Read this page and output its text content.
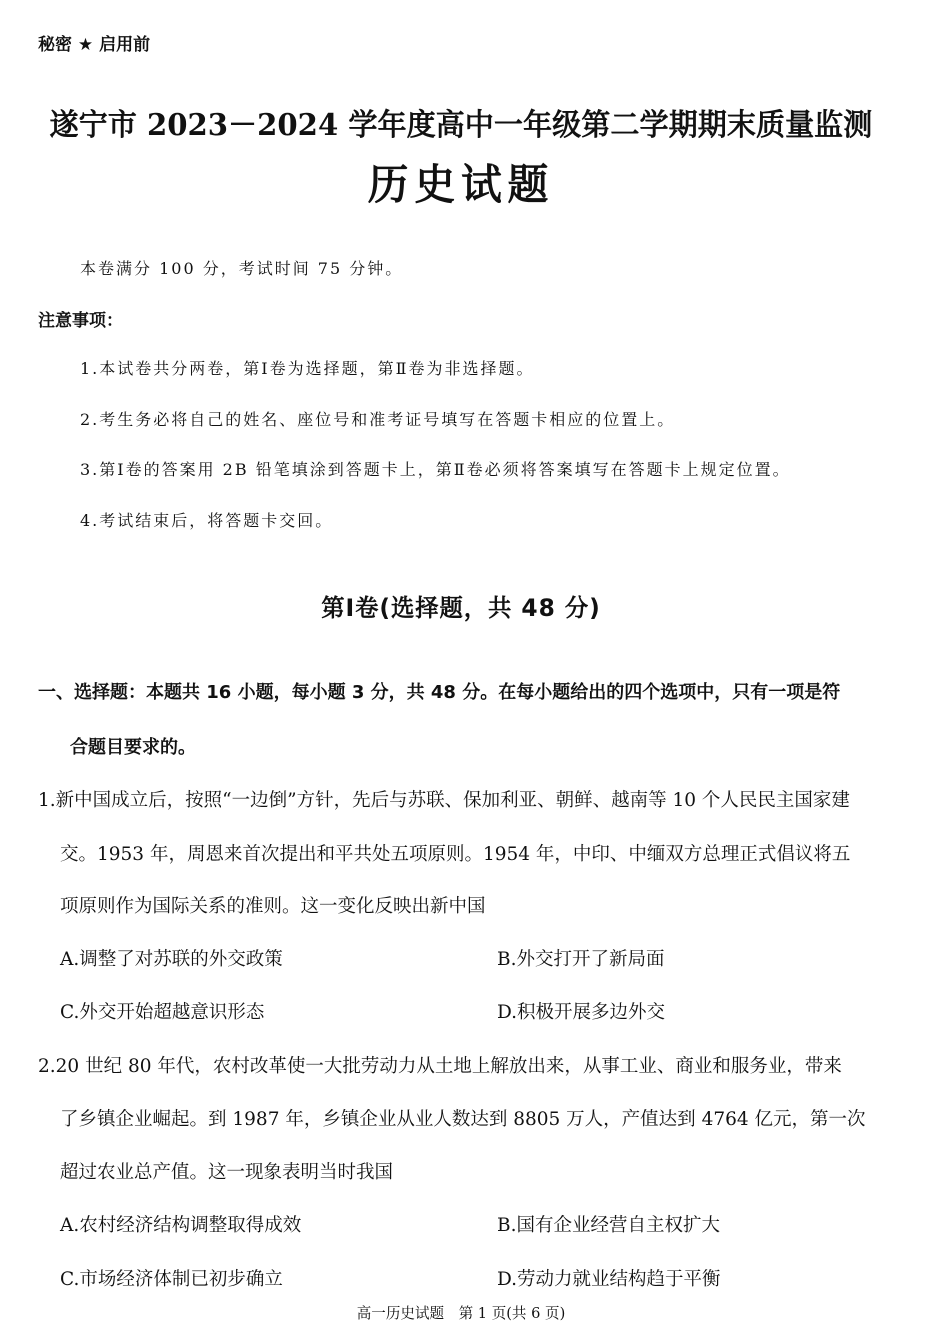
秘密 ★ 启用前
遂宁市 2023－2024 学年度高中一年级第二学期期末质量监测
历史试题
本卷满分 100 分，考试时间 75 分钟。
注意事项：
1.本试卷共分两卷，第Ⅰ卷为选择题，第Ⅱ卷为非选择题。
2.考生务必将自己的姓名、座位号和准考证号填写在答题卡相应的位置上。
3.第Ⅰ卷的答案用 2B 铅笔填涂到答题卡上，第Ⅱ卷必须将答案填写在答题卡上规定位置。
4.考试结束后，将答题卡交回。
第Ⅰ卷(选择题，共 48 分)
一、选择题：本题共 16 小题，每小题 3 分，共 48 分。在每小题给出的四个选项中，只有一项是符
合题目要求的。
1.新中国成立后，按照“一边倒”方针，先后与苏联、保加利亚、朝鲜、越南等 10 个人民民主国家建
交。1953 年，周恩来首次提出和平共处五项原则。1954 年，中印、中缅双方总理正式倡议将五
项原则作为国际关系的准则。这一变化反映出新中国
A.调整了对苏联的外交政策	B.外交打开了新局面
C.外交开始超越意识形态	D.积极开展多边外交
2.20 世纪 80 年代，农村改革使一大批劳动力从土地上解放出来，从事工业、商业和服务业，带来
了乡镇企业崛起。到 1987 年，乡镇企业从业人数达到 8805 万人，产值达到 4764 亿元，第一次
超过农业总产值。这一现象表明当时我国
A.农村经济结构调整取得成效	B.国有企业经营自主权扩大
C.市场经济体制已初步确立	D.劳动力就业结构趋于平衡
高一历史试题　第 1 页(共 6 页)
